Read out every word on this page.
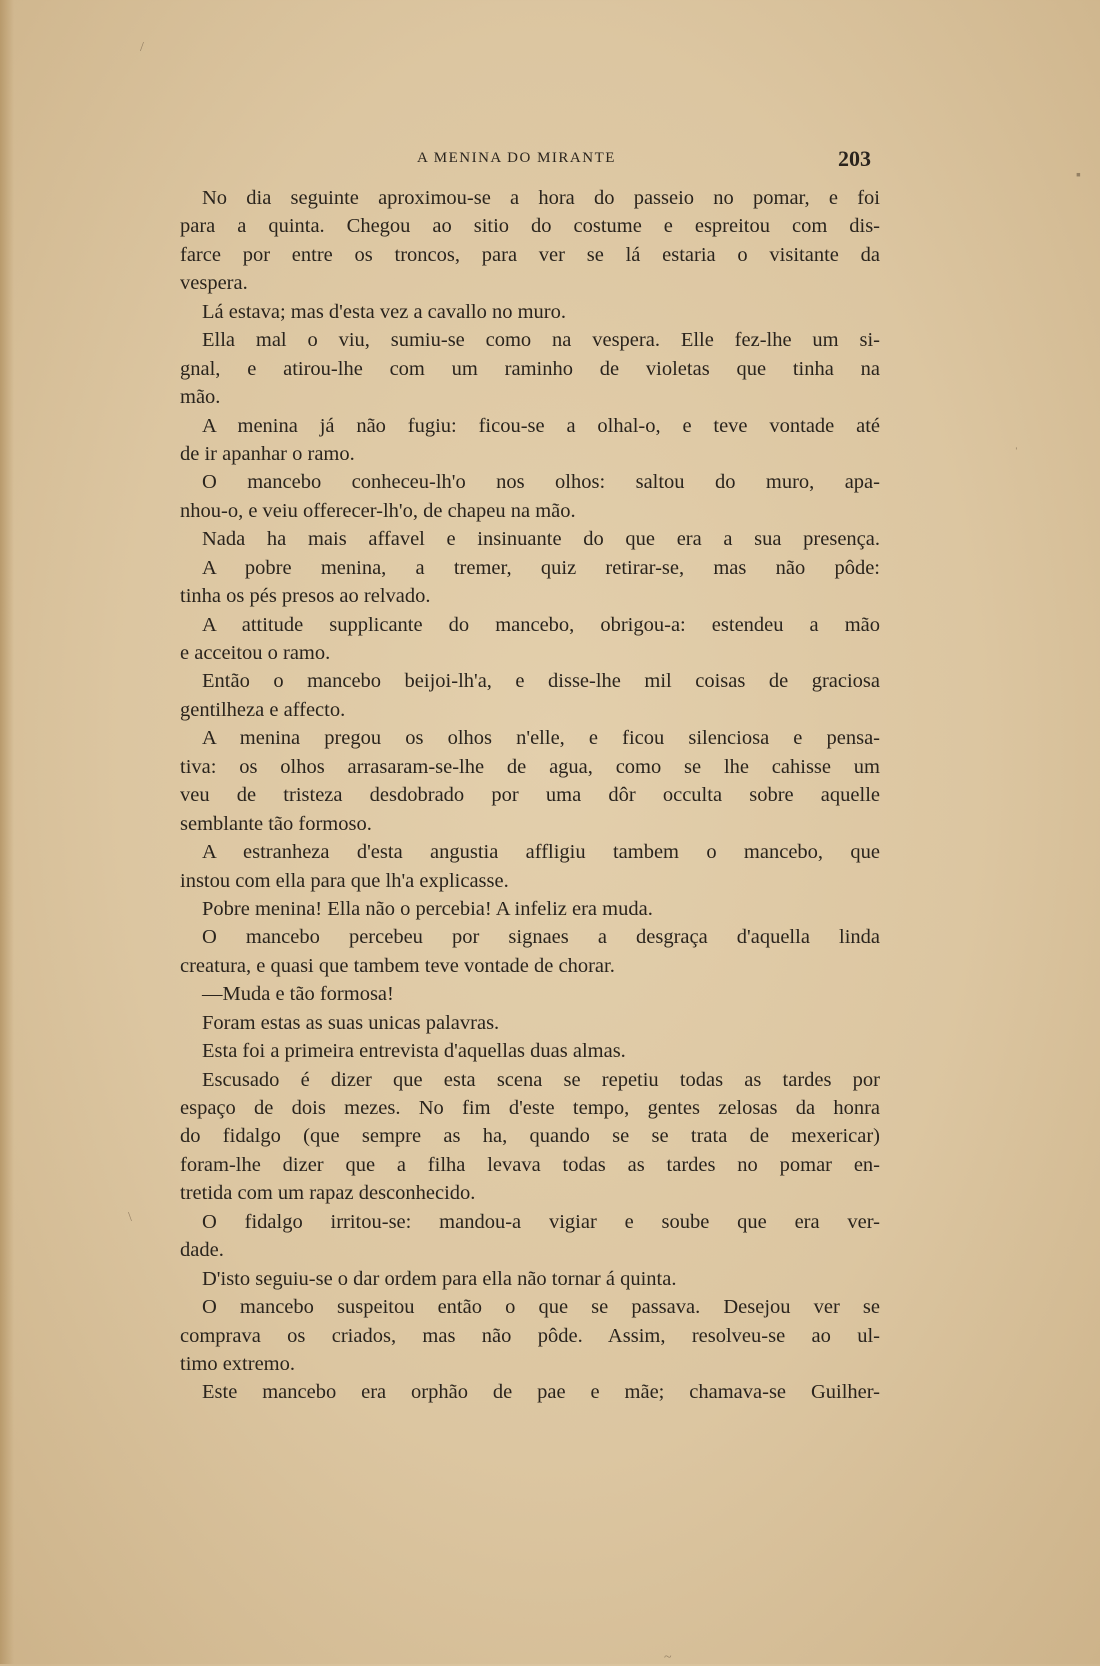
A MENINA DO MIRANTE	203
No dia seguinte aproximou-se a hora do passeio no pomar, e foi
para a quinta. Chegou ao sitio do costume e espreitou com dis-
farce por entre os troncos, para ver se lá estaria o visitante da
vespera.
Lá estava; mas d'esta vez a cavallo no muro.
Ella mal o viu, sumiu-se como na vespera. Elle fez-lhe um si-
gnal, e atirou-lhe com um raminho de violetas que tinha na
mão.
A menina já não fugiu: ficou-se a olhal-o, e teve vontade até
de ir apanhar o ramo.
O mancebo conheceu-lh'o nos olhos: saltou do muro, apa-
nhou-o, e veiu offerecer-lh'o, de chapeu na mão.
Nada ha mais affavel e insinuante do que era a sua presença.
A pobre menina, a tremer, quiz retirar-se, mas não pôde:
tinha os pés presos ao relvado.
A attitude supplicante do mancebo, obrigou-a: estendeu a mão
e acceitou o ramo.
Então o mancebo beijoi-lh'a, e disse-lhe mil coisas de graciosa
gentilheza e affecto.
A menina pregou os olhos n'elle, e ficou silenciosa e pensa-
tiva: os olhos arrasaram-se-lhe de agua, como se lhe cahisse um
veu de tristeza desdobrado por uma dôr occulta sobre aquelle
semblante tão formoso.
A estranheza d'esta angustia affligiu tambem o mancebo, que
instou com ella para que lh'a explicasse.
Pobre menina! Ella não o percebia! A infeliz era muda.
O mancebo percebeu por signaes a desgraça d'aquella linda
creatura, e quasi que tambem teve vontade de chorar.
—Muda e tão formosa!
Foram estas as suas unicas palavras.
Esta foi a primeira entrevista d'aquellas duas almas.
Escusado é dizer que esta scena se repetiu todas as tardes por
espaço de dois mezes. No fim d'este tempo, gentes zelosas da honra
do fidalgo (que sempre as ha, quando se se trata de mexericar)
foram-lhe dizer que a filha levava todas as tardes no pomar en-
tretida com um rapaz desconhecido.
O fidalgo irritou-se: mandou-a vigiar e soube que era ver-
dade.
D'isto seguiu-se o dar ordem para ella não tornar á quinta.
O mancebo suspeitou então o que se passava. Desejou ver se
comprava os criados, mas não pôde. Assim, resolveu-se ao ul-
timo extremo.
Este mancebo era orphão de pae e mãe; chamava-se Guilher-
▪
/
ˈ
\
~
